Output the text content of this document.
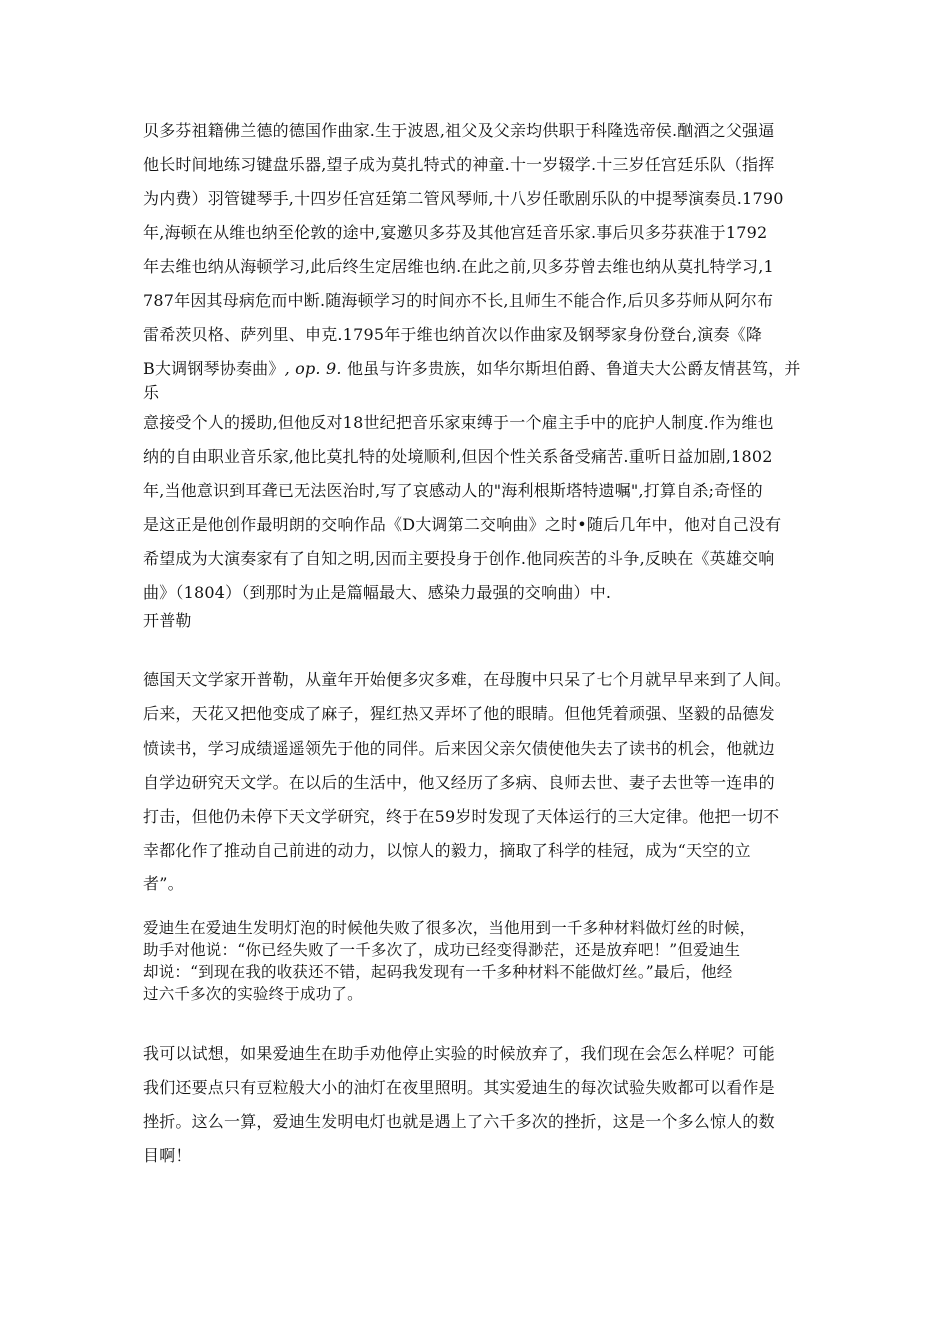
贝多芬祖籍佛兰德的德国作曲家.生于波恩,祖父及父亲均供职于科隆选帝侯.酗酒之父强逼

他长时间地练习键盘乐器,望子成为莫扎特式的神童.十一岁辍学.十三岁任宫廷乐队（指挥

为内费）羽管键琴手,十四岁任宫廷第二管风琴师,十八岁任歌剧乐队的中提琴演奏员.1790

年,海顿在从维也纳至伦敦的途中,宴邀贝多芬及其他宫廷音乐家.事后贝多芬获准于1792

年去维也纳从海顿学习,此后终生定居维也纳.在此之前,贝多芬曾去维也纳从莫扎特学习,1

787年因其母病危而中断.随海顿学习的时间亦不长,且师生不能合作,后贝多芬师从阿尔布

雷希茨贝格、萨列里、申克.1795年于维也纳首次以作曲家及钢琴家身份登台,演奏《降

B大调钢琴协奏曲》, op. 9. 他虽与许多贵族，如华尔斯坦伯爵、鲁道夫大公爵友情甚笃，并

乐

意接受个人的援助,但他反对18世纪把音乐家束缚于一个雇主手中的庇护人制度.作为维也

纳的自由职业音乐家,他比莫扎特的处境顺利,但因个性关系备受痛苦.重听日益加剧,1802

年,当他意识到耳聋已无法医治时,写了哀感动人的"海利根斯塔特遗嘱",打算自杀;奇怪的

是这正是他创作最明朗的交响作品《D大调第二交响曲》之时•随后几年中，他对自己没有

希望成为大演奏家有了自知之明,因而主要投身于创作.他同疾苦的斗争,反映在《英雄交响

曲》（1804）（到那时为止是篇幅最大、感染力最强的交响曲）中.

开普勒

德国天文学家开普勒，从童年开始便多灾多难，在母腹中只呆了七个月就早早来到了人间。

后来，天花又把他变成了麻子，猩红热又弄坏了他的眼睛。但他凭着顽强、坚毅的品德发

愤读书，学习成绩遥遥领先于他的同伴。后来因父亲欠债使他失去了读书的机会，他就边

自学边研究天文学。在以后的生活中，他又经历了多病、良师去世、妻子去世等一连串的

打击，但他仍未停下天文学研究，终于在59岁时发现了天体运行的三大定律。他把一切不

幸都化作了推动自己前进的动力，以惊人的毅力，摘取了科学的桂冠，成为“天空的立

者”。

爱迪生在爱迪生发明灯泡的时候他失败了很多次，当他用到一千多种材料做灯丝的时候，

助手对他说：“你已经失败了一千多次了，成功已经变得渺茫，还是放弃吧！”但爱迪生

却说：“到现在我的收获还不错，起码我发现有一千多种材料不能做灯丝。”最后，他经

过六千多次的实验终于成功了。

我可以试想，如果爱迪生在助手劝他停止实验的时候放弃了，我们现在会怎么样呢？可能

我们还要点只有豆粒般大小的油灯在夜里照明。其实爱迪生的每次试验失败都可以看作是

挫折。这么一算，爱迪生发明电灯也就是遇上了六千多次的挫折，这是一个多么惊人的数

目啊！
